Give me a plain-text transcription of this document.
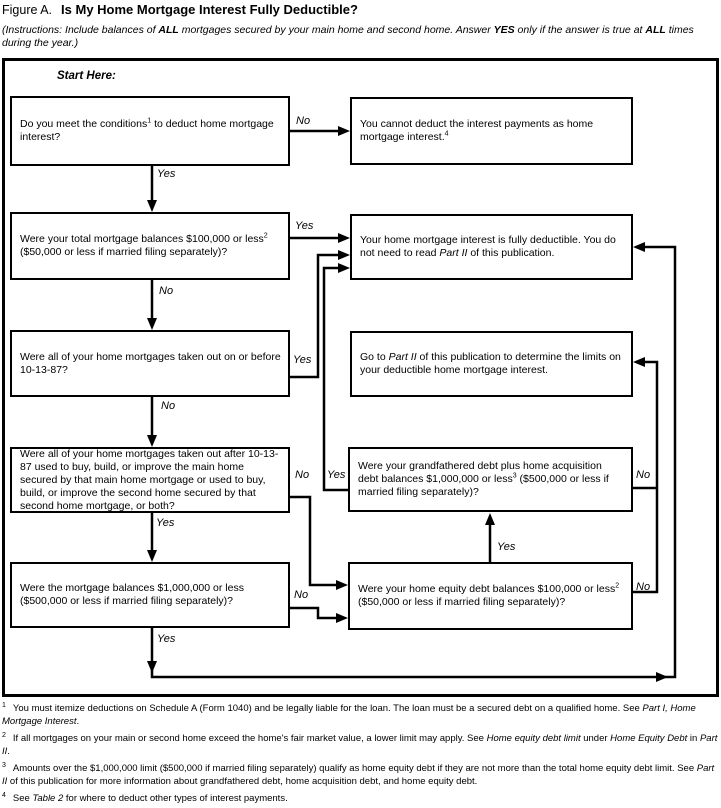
Figure A. Is My Home Mortgage Interest Fully Deductible?
(Instructions: Include balances of ALL mortgages secured by your main home and second home. Answer YES only if the answer is true at ALL times during the year.)
Start Here:
Do you meet the conditions$^1$ to deduct home mortgage interest?
You cannot deduct the interest payments as home mortgage interest.$^4$
Were your total mortgage balances $100,000 or less$^2$ ($50,000 or less if married filing separately)?
Your home mortgage interest is fully deductible. You do not need to read Part II of this publication.
Were all of your home mortgages taken out on or before 10-13-87?
Go to Part II of this publication to determine the limits on your deductible home mortgage interest.
Were all of your home mortgages taken out after 10-13-87 used to buy, build, or improve the main home secured by that main home mortgage or used to buy, build, or improve the second home secured by that second home mortgage, or both?
Were your grandfathered debt plus home acquisition debt balances $1,000,000 or less$^3$ ($500,000 or less if married filing separately)?
Were the mortgage balances $1,000,000 or less ($500,000 or less if married filing separately)?
Were your home equity debt balances $100,000 or less$^2$ ($50,000 or less if married filing separately)?
Yes
No
Yes
No
Yes
No
No
Yes
Yes	No
Yes
No
No
Yes
$^1$ You must itemize deductions on Schedule A (Form 1040) and be legally liable for the loan. The loan must be a secured debt on a qualified home. See Part I, Home Mortgage Interest.
$^2$ If all mortgages on your main or second home exceed the home's fair market value, a lower limit may apply. See Home equity debt limit under Home Equity Debt in Part II.
$^3$ Amounts over the $1,000,000 limit ($500,000 if married filing separately) qualify as home equity debt if they are not more than the total home equity debt limit. See Part II of this publication for more information about grandfathered debt, home acquisition debt, and home equity debt.
$^4$ See Table 2 for where to deduct other types of interest payments.
